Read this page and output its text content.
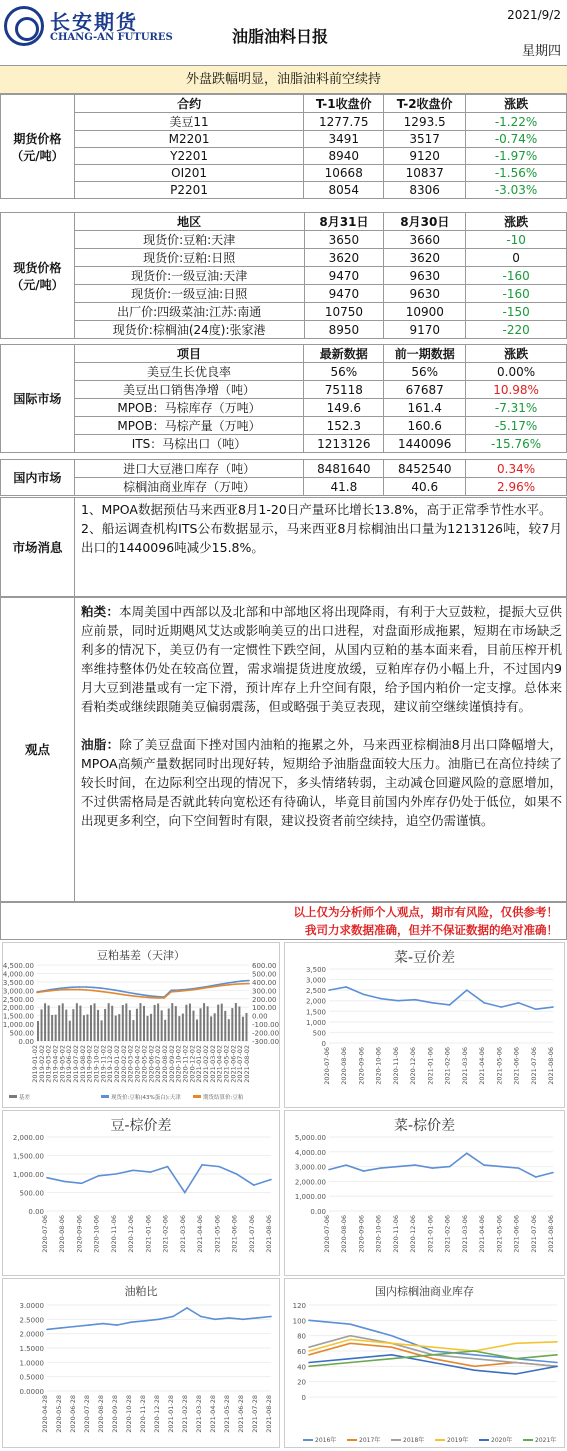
长安期货
CHANG-AN FUTURES	油脂油料日报
2021/9/2
星期四
外盘跌幅明显，油脂油料前空续持
期货价格
（元/吨）	合约	T-1收盘价	T-2收盘价	涨跌
	美豆11	1277.75	1293.5	-1.22%
	M2201	3491	3517	-0.74%
	Y2201	8940	9120	-1.97%
	OI201	10668	10837	-1.56%
	P2201	8054	8306	-3.03%
现货价格
（元/吨）	地区	8月31日	8月30日	涨跌
	现货价:豆粕:天津	3650	3660	-10
	现货价:豆粕:日照	3620	3620	0
	现货价:一级豆油:天津	9470	9630	-160
	现货价:一级豆油:日照	9470	9630	-160
	出厂价:四级菜油:江苏:南通	10750	10900	-150
	现货价:棕榈油(24度):张家港	8950	9170	-220
国际市场	项目	最新数据	前一期数据	涨跌
	美豆生长优良率	56%	56%	0.00%
	美豆出口销售净增（吨）	75118	67687	10.98%
	MPOB：马棕库存（万吨）	149.6	161.4	-7.31%
	MPOB：马棕产量（万吨）	152.3	160.6	-5.17%
	ITS：马棕出口（吨）	1213126	1440096	-15.76%
国内市场	进口大豆港口库存（吨）	8481640	8452540	0.34%
	棕榈油商业库存（万吨）	41.8	40.6	2.96%
市场消息
1、MPOA数据预估马来西亚8月1-20日产量环比增长13.8%，高于正常季节性水平。
2、船运调查机构ITS公布数据显示，马来西亚8月棕榈油出口量为1213126吨，较7月出口的1440096吨减少15.8%。
观点

粕类：本周美国中西部以及北部和中部地区将出现降雨，有利于大豆鼓粒，提振大豆供应前景，同时近期飓风艾达或影响美豆的出口进程，对盘面形成拖累，短期在市场缺乏利多的情况下，美豆仍有一定惯性下跌空间，从国内豆粕的基本面来看，目前压榨开机率维持整体仍处在较高位置，需求端提货进度放缓，豆粕库存仍小幅上升，不过国内9月大豆到港量或有一定下滑，预计库存上升空间有限，给予国内粕价一定支撑。总体来看粕类或继续跟随美豆偏弱震荡，但或略强于美豆表现，建议前空继续谨慎持有。

油脂：除了美豆盘面下挫对国内油粕的拖累之外，马来西亚棕榈油8月出口降幅增大，MPOA高频产量数据同时出现好转，短期给予油脂盘面较大压力。油脂已在高位持续了较长时间，在边际利空出现的情况下，多头情绪转弱，主动减仓回避风险的意愿增加，不过供需格局是否就此转向宽松还有待确认，毕竟目前国内外库存仍处于低位，如果不出现更多利空，向下空间暂时有限，建议投资者前空续持，追空仍需谨慎。

以上仅为分析师个人观点，期市有风险，仅供参考！
我司力求数据准确，但并不保证数据的绝对准确！
豆粕基差（天津）
4,500.00
4,000.00
3,500.00
3,000.00
2,500.00
2,000.00
1,500.00
1,000.00
500.00
0.00
2019-01-02
2019-02-02
2019-03-02
2019-04-02
2019-05-02
2019-06-02
2019-07-02
2019-08-02
2019-09-02
2019-10-02
2019-11-02
2019-12-02
2020-01-02
2020-02-02
2020-03-02
2020-04-02
2020-05-02
2020-06-02
2020-07-02
2020-08-02
2020-09-02
2020-10-02
2020-11-02
2020-12-02
2021-01-02
2021-02-02
2021-03-02
2021-04-02
2021-05-02
2021-06-02
2021-07-02
2021-08-02
600.00
500.00
400.00
300.00
200.00
100.00
0.00
-100.00
-200.00
-300.00
基差	现货价:豆粕(43%蛋白):天津	期货结算价:豆粕
菜-豆价差
3,500
3,000
2,500
2,000
1,500
1,000
500
0
2020-07-06 2020-08-06 2020-09-06 2020-10-06 2020-11-06 2020-12-06 2021-01-06 2021-02-06 2021-03-06 2021-04-06 2021-05-06 2021-06-06 2021-07-06 2021-08-06
豆-棕价差
2,000.00
1,500.00
1,000.00
500.00
0.00
2020-07-06 2020-08-06 2020-09-06 2020-10-06 2020-11-06 2020-12-06 2021-01-06 2021-02-06 2021-03-06 2021-04-06 2021-05-06 2021-06-06 2021-07-06 2021-08-06
菜-棕价差
5,000.00
4,000.00
3,000.00
2,000.00
1,000.00
0.00
2020-07-06 2020-08-06 2020-09-06 2020-10-06 2020-11-06 2020-12-06 2021-01-06 2021-02-06 2021-03-06 2021-04-06 2021-05-06 2021-06-06 2021-07-06 2021-08-06
油粕比
3.0000
2.5000
2.0000
1.5000
1.0000
0.5000
0.0000
2020-04-28 2020-05-28 2020-06-28 2020-07-28 2020-08-28 2020-09-28 2020-10-28 2020-11-28 2020-12-28 2021-01-28 2021-02-28 2021-03-28 2021-04-28 2021-05-28 2021-06-28 2021-07-28 2021-08-28
国内棕榈油商业库存
120
100
80
60
40
20
0
2016年	2017年	2018年	2019年	2020年	2021年
